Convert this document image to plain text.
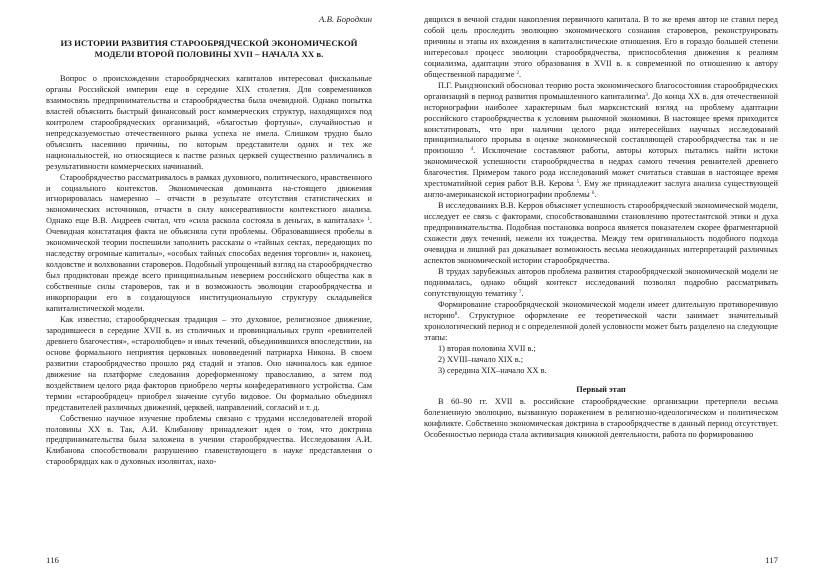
А.В. Бородкин
ИЗ ИСТОРИИ РАЗВИТИЯ СТАРООБРЯДЧЕСКОЙ ЭКОНОМИЧЕСКОЙ МОДЕЛИ ВТОРОЙ ПОЛОВИНЫ XVII – НАЧАЛА XX в.

Вопрос о происхождении старообрядческих капиталов интересовал фискальные органы Российской империи еще в середине XIX столетия. Для современников взаимосвязь предпринимательства и старообрядчества была очевидной. Однако попытка властей объяснить быстрый финансовый рост коммерческих структур, находящихся под контролем старообрядческих организаций, «благостью фортуны», случайностью и непредсказуемостью отечественного рынка успеха не имела. Слишком трудно было объяснить насеянию причины, по которым представители одних и тех же национальностей, но относящиеся к пастве разных церквей существенно различались в результативности коммерческих начинаний.

Старообрядчество рассматривалось в рамках духовного, политического, нравственного и социального контекстов. Экономическая доминанта на-стоящего движения игнорировалась намеренно – отчасти в результате отсутствия статистических и экономических источников, отчасти в силу консервативности контекстного анализа. Однако еще В.В. Андреев считал, что «сила раскола состояла в деньгах, в капиталах» $^1$. Очевидная констатация факта не объясняла сути проблемы. Образовавшиеся пробелы в экономической теории поспешили заполнить рассказы о «тайных сектах, передающих по наследству огромные капиталы», «особых тайных способах ведения торговли» и, наконец, колдовстве и волхвовании староверов. Подобный упрощенный взгляд на старообрядчество был продиктован прежде всего принципиальным неверием российского общества как в собственные силы староверов, так и в возможность эволюции старообрядчества и инкорпорации его в создающуюся институциональную структуру складывейся капиталистической модели.

Как известно, старообрядческая традиция – это духовное, религиозное движение, зародившееся в середине XVII в. из столичных и провинциальных групп «ревнителей древнего благочестия», «старолюбцев» и иных течений, объединившихся впоследствии, на основе формального неприятия церковных нововведений патриарха Никона. В своем развитии старообрядчество прошло ряд стадий и этапов. Оно начиналось как единое движение на платформе следования дореформенному православию, а затем под воздействием целого ряда факторов приобрело черты конфедеративного устройства. Сам термин «старообрядец» приобрел значение сугубо видовое. Он формально объединял представителей различных движений, церквей, направлений, согласий и т. д.

Собственно научное изучение проблемы связано с трудами исследователей второй половины XX в. Так, А.И. Клибанову принадлежит идея о том, что доктрина предпринимательства была заложена в учении старообрядчества. Исследования А.И. Клибанова способствовали разрушению главенствующего в науке представления о старообрядцах как о духовных изолянтах, нахо-

116

дящихся в вечной стадии накопления первичного капитала. В то же время автор не ставил перед собой цель проследить эволюцию экономического сознания староверов, реконструировать причины и этапы их вхождения в капиталистические отношения. Его в гораздо большей степени интересовал процесс эволюции старообрядчества, приспособления движения к реалиям социализма, адаптации этого образования в XVII в. к современной по отношению к автору общественной парадигме $^2$.

П.Г. Рындзюнский обосновал теорию роста экономического благосостояния старообрядческих организаций в период развития промышленного капитализма$^3$. До конца XX в. для отечественной историографии наиболее характерным был марксистский взгляд на проблему адаптации российского старообрядчества к условиям рыночной экономики. В настоящее время приходится констатировать, что при наличии целого ряда интересейших научных исследований принципиального прорыва в оценке экономической составляющей старообрядчества так и не произошло $^4$. Исключение составляют работы, авторы которых пытались найти истоки экономической успешности старообрядчества в недрах самого течения ревнителей древнего благочестия. Примером такого рода исследований может считаться ставшая в настоящее время хрестоматийной серия работ В.В. Керова $^5$. Ему же принадлежит заслуга анализа существующей англо-американской историографии проблемы $^6$.

В исследованиях В.В. Керров объясняет успешность старообрядческой экономической модели, исследует ее связь с факторами, способствовавшими становлению протестантской этики и духа предпринимательства. Подобная постановка вопроса является показателем скорее фрагментарной схожести двух течений, нежели их тождества. Между тем оригинальность подобного подхода очевидна и лишний раз доказывает возможность весьма неожиданных интерпретаций различных аспектов экономической истории старообрядчества.

В трудах зарубежных авторов проблема развития старообрядческой экономической модели не поднималась, однако общий контекст исследований позволял подробно рассматривать сопутствующую тематику $^7$.

Формирование старообрядческой экономической модели имеет длительную противоречивую историю$^8$. Структурное оформление ее теоретической части занимает значительный хронологический период и с определенной долей условности может быть разделено на следующие этапы:

1) вторая половина XVII в.;
2) XVIII–начало XIX в.;
3) середина XIX–начало XX в.

Первый этап

В 60–90 гг. XVII в. российские старообрядческие организации претерпели весьма болезненную эволюцию, вызванную поражением в религиозно-идеологическом и политическом конфликте. Собственно экономическая доктрина в старообрядчестве в данный период отсутствует. Особенностью периода стала активизация книжной деятельности, работа по формированию

117
